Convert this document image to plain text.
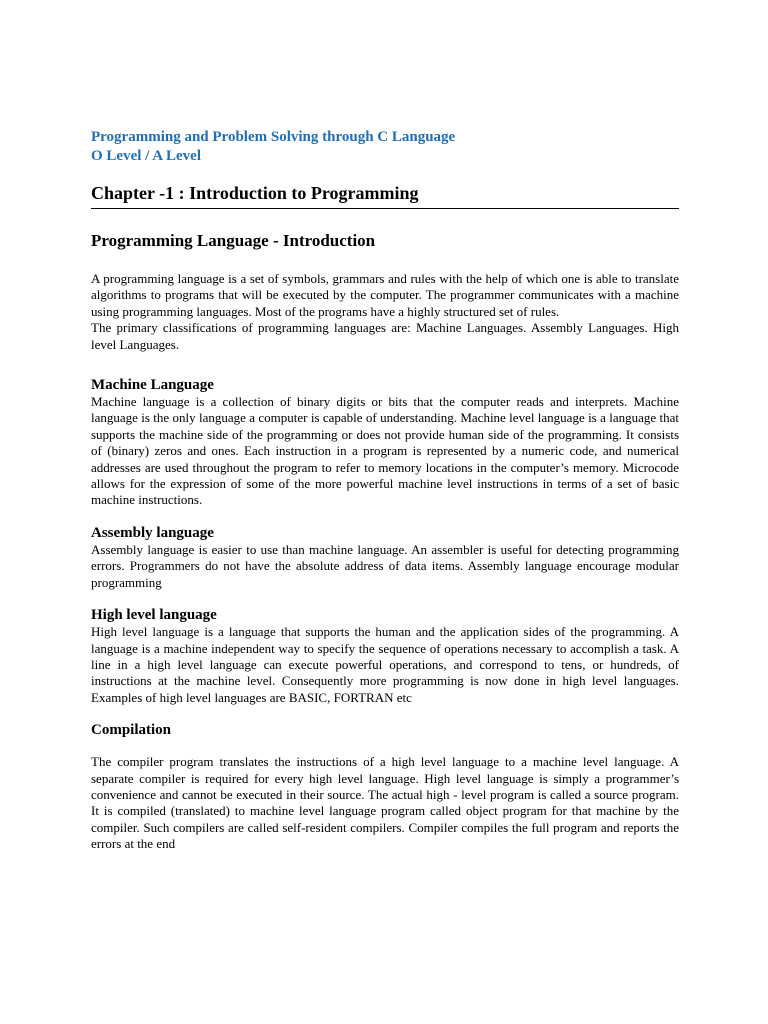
Programming and Problem Solving through C Language

O Level / A Level

Chapter -1 : Introduction to Programming
Programming Language - Introduction

A programming language is a set of symbols, grammars and rules with the help of which one is able to translate algorithms to programs that will be executed by the computer. The programmer communicates with a machine using programming languages. Most of the programs have a highly structured set of rules.

The primary classifications of programming languages are: Machine Languages. Assembly Languages. High level Languages.

Machine Language

Machine language is a collection of binary digits or bits that the computer reads and interprets. Machine language is the only language a computer is capable of understanding. Machine level language is a language that supports the machine side of the programming or does not provide human side of the programming. It consists of (binary) zeros and ones. Each instruction in a program is represented by a numeric code, and numerical addresses are used throughout the program to refer to memory locations in the computer’s memory. Microcode allows for the expression of some of the more powerful machine level instructions in terms of a set of basic machine instructions.

Assembly language

Assembly language is easier to use than machine language. An assembler is useful for detecting programming errors. Programmers do not have the absolute address of data items. Assembly language encourage modular programming

High level language

High level language is a language that supports the human and the application sides of the programming. A language is a machine independent way to specify the sequence of operations necessary to accomplish a task. A line in a high level language can execute powerful operations, and correspond to tens, or hundreds, of instructions at the machine level. Consequently more programming is now done in high level languages. Examples of high level languages are BASIC, FORTRAN etc

Compilation

The compiler program translates the instructions of a high level language to a machine level language. A separate compiler is required for every high level language. High level language is simply a programmer’s convenience and cannot be executed in their source. The actual high - level program is called a source program. It is compiled (translated) to machine level language program called object program for that machine by the compiler. Such compilers are called self-resident compilers. Compiler compiles the full program and reports the errors at the end
